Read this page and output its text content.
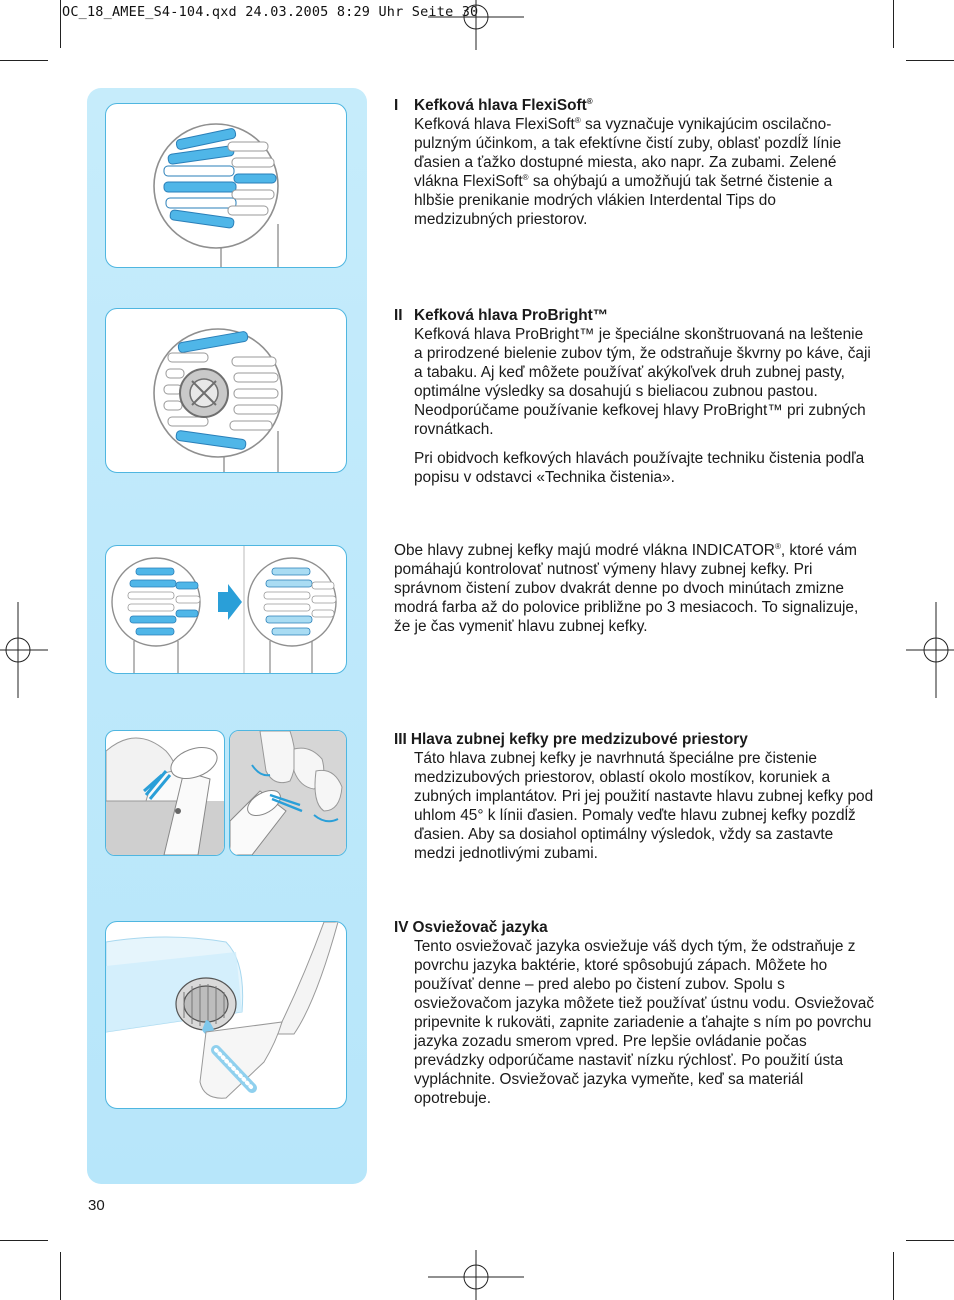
OC_18_AMEE_S4-104.qxd 24.03.2005 8:29 Uhr Seite 30
I Kefková hlava FlexiSoft®

Kefková hlava FlexiSoft® sa vyznačuje vynikajúcim oscilačno-pulzným účinkom, a tak efektívne čistí zuby, oblasť pozdĺž línie ďasien a ťažko dostupné miesta, ako napr. Za zubami. Zelené vlákna FlexiSoft® sa ohýbajú a umožňujú tak šetrné čistenie a hlbšie prenikanie modrých vlákien Interdental Tips do medzizubných priestorov.

II Kefková hlava ProBright™

Kefková hlava ProBright™ je špeciálne skonštruovaná na leštenie a prirodzené bielenie zubov tým, že odstraňuje škvrny po káve, čaji a tabaku. Aj keď môžete používať akýkoľvek druh zubnej pasty, optimálne výsledky sa dosahujú s bieliacou zubnou pastou. Neodporúčame používanie kefkovej hlavy ProBright™ pri zubných rovnátkach.

Pri obidvoch kefkových hlavách používajte techniku čistenia podľa popisu v odstavci «Technika čistenia».

Obe hlavy zubnej kefky majú modré vlákna INDICATOR®, ktoré vám pomáhajú kontrolovať nutnosť výmeny hlavy zubnej kefky. Pri správnom čistení zubov dvakrát denne po dvoch minútach zmizne modrá farba až do polovice približne po 3 mesiacoch. To signalizuje, že je čas vymeniť hlavu zubnej kefky.

III Hlava zubnej kefky pre medzizubové priestory

Táto hlava zubnej kefky je navrhnutá špeciálne pre čistenie medzizubových priestorov, oblastí okolo mostíkov, koruniek a zubných implantátov. Pri jej použití nastavte hlavu zubnej kefky pod uhlom 45° k línii ďasien. Pomaly veďte hlavu zubnej kefky pozdĺž ďasien. Aby sa dosiahol optimálny výsledok, vždy sa zastavte medzi jednotlivými zubami.

IV Osviežovač jazyka

Tento osviežovač jazyka osviežuje váš dych tým, že odstraňuje z povrchu jazyka baktérie, ktoré spôsobujú zápach. Môžete ho používať denne – pred alebo po čistení zubov. Spolu s osviežovačom jazyka môžete tiež používať ústnu vodu. Osviežovač pripevnite k rukoväti, zapnite zariadenie a ťahajte s ním po povrchu jazyka zozadu smerom vpred. Pre lepšie ovládanie počas prevádzky odporúčame nastaviť nízku rýchlosť. Po použití ústa vypláchnite. Osviežovač jazyka vymeňte, keď sa materiál opotrebuje.

30
